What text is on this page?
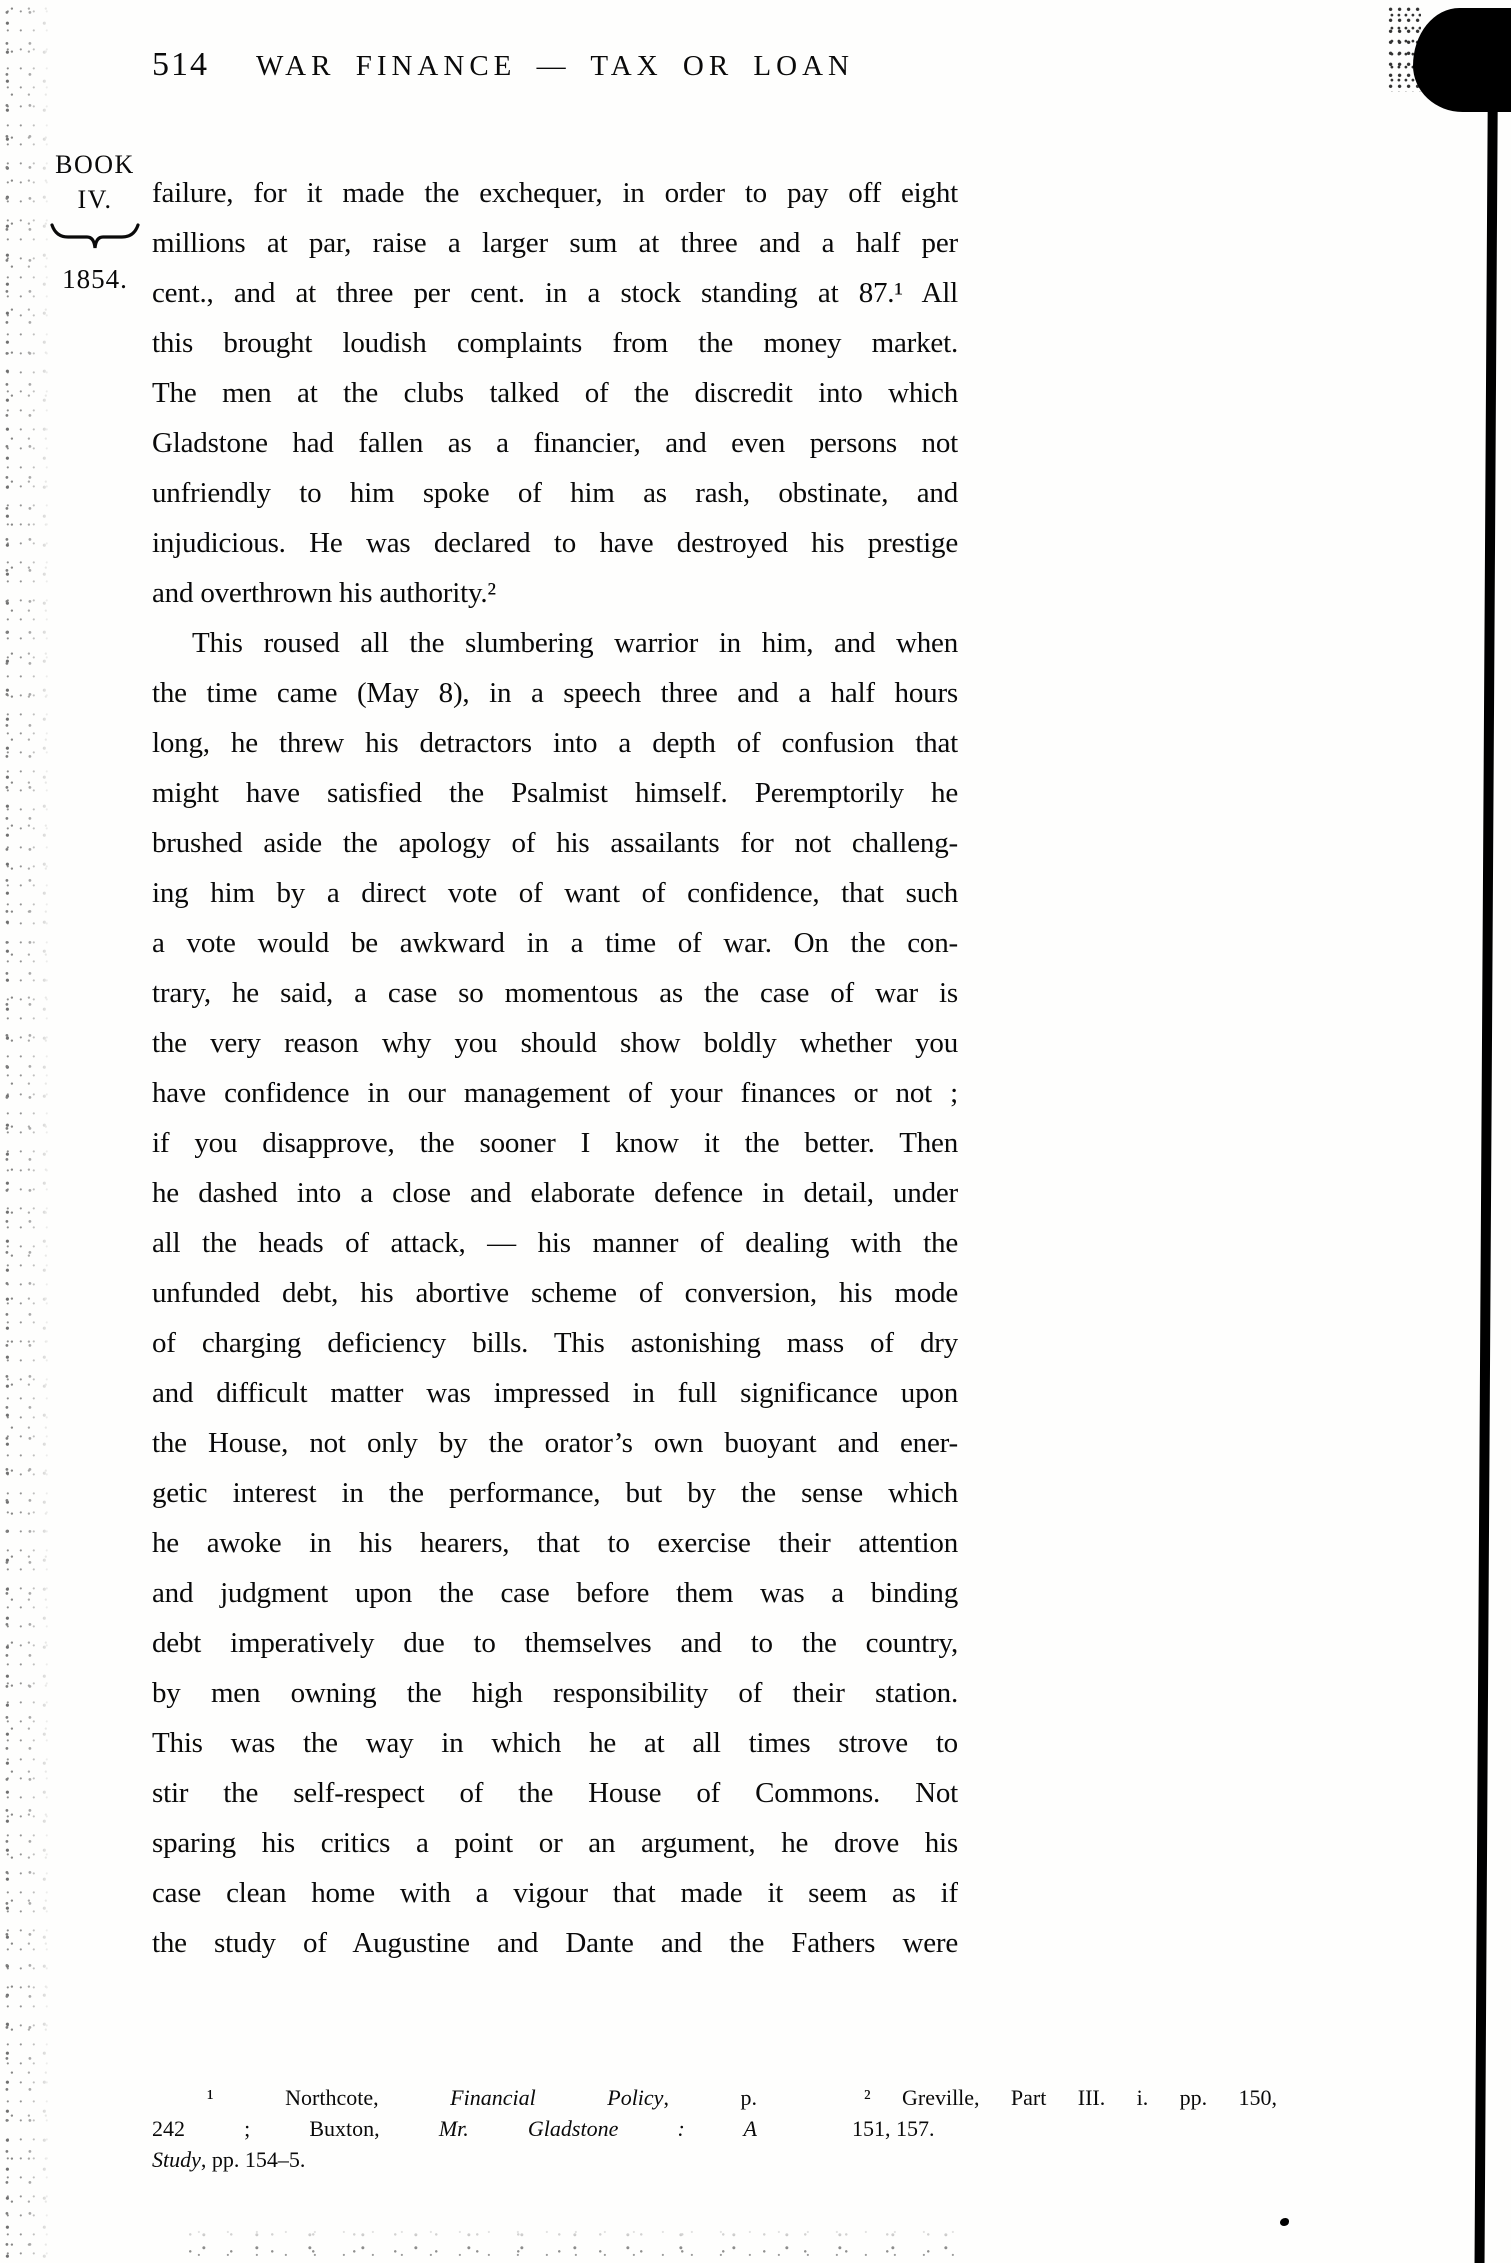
514	WAR FINANCE — TAX OR LOAN
BOOK
IV.
1854.
failure, for it made the exchequer, in order to pay off eight
millions at par, raise a larger sum at three and a half per
cent., and at three per cent. in a stock standing at 87.¹ All
this brought loudish complaints from the money market.
The men at the clubs talked of the discredit into which
Gladstone had fallen as a financier, and even persons not
unfriendly to him spoke of him as rash, obstinate, and
injudicious. He was declared to have destroyed his prestige
and overthrown his authority.²
This roused all the slumbering warrior in him, and when
the time came (May 8), in a speech three and a half hours
long, he threw his detractors into a depth of confusion that
might have satisfied the Psalmist himself. Peremptorily he
brushed aside the apology of his assailants for not challeng-
ing him by a direct vote of want of confidence, that such
a vote would be awkward in a time of war. On the con-
trary, he said, a case so momentous as the case of war is
the very reason why you should show boldly whether you
have confidence in our management of your finances or not ;
if you disapprove, the sooner I know it the better. Then
he dashed into a close and elaborate defence in detail, under
all the heads of attack, — his manner of dealing with the
unfunded debt, his abortive scheme of conversion, his mode
of charging deficiency bills. This astonishing mass of dry
and difficult matter was impressed in full significance upon
the House, not only by the orator’s own buoyant and ener-
getic interest in the performance, but by the sense which
he awoke in his hearers, that to exercise their attention
and judgment upon the case before them was a binding
debt imperatively due to themselves and to the country,
by men owning the high responsibility of their station.
This was the way in which he at all times strove to
stir the self-respect of the House of Commons. Not
sparing his critics a point or an argument, he drove his
case clean home with a vigour that made it seem as if
the study of Augustine and Dante and the Fathers were
¹ Northcote, Financial Policy, p.
242 ; Buxton, Mr. Gladstone : A
Study, pp. 154–5.
² Greville, Part III. i. pp. 150,
151, 157.
